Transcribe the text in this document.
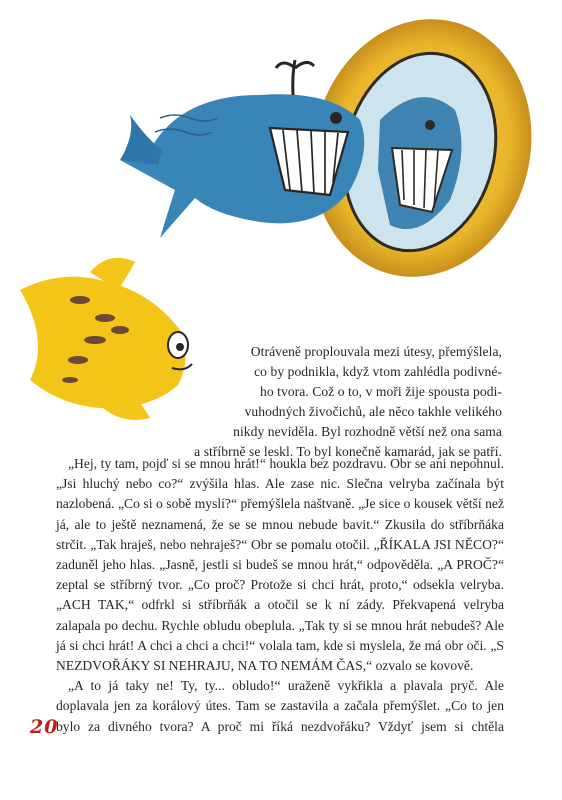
Otráveně proplouvala mezi útesy, přemýšlela,
co by podnikla, když vtom zahlédla podivné-
ho tvora. Což o to, v moři žije spousta podi-
vuhodných živočichů, ale něco takhle velikého
nikdy neviděla. Byl rozhodně větší než ona sama
a stříbrně se leskl. To byl konečně kamarád, jak se patří.

„Hej, ty tam, pojď si se mnou hrát!“ houkla bez pozdravu. Obr se ani nepohnul. „Jsi hluchý nebo co?“ zvýšila hlas. Ale zase nic. Slečna velryba začínala být nazlobená. „Co si o sobě myslí?“ přemýšlela naštvaně. „Je sice o kousek větší než já, ale to ještě neznamená, že se se mnou nebude bavit.“ Zkusila do stříbrňáka strčit. „Tak hraješ, nebo nehraješ?“ Obr se pomalu otočil. „ŘÍKALA JSI NĚCO?“ zaduněl jeho hlas. „Jasně, jestli si budeš se mnou hrát,“ odpověděla. „A PROČ?“ zeptal se stříbrný tvor. „Co proč? Protože si chci hrát, proto,“ odsekla velryba. „ACH TAK,“ odfrkl si stříbrňák a otočil se k ní zády. Překvapená velryba zalapala po dechu. Rychle obludu obeplula. „Tak ty si se mnou hrát nebudeš? Ale já si chci hrát! A chci a chci a chci!“ volala tam, kde si myslela, že má obr oči. „S NEZDVOŘÁKY SI NEHRAJU, NA TO NEMÁM ČAS,“ ozvalo se kovově.

„A to já taky ne! Ty, ty... obludo!“ uraženě vykřikla a plavala pryč. Ale doplavala jen za korálový útes. Tam se zastavila a začala přemýšlet. „Co to jen bylo za divného tvora? A proč mi říká nezdvořáku? Vždyť jsem si chtěla

20
